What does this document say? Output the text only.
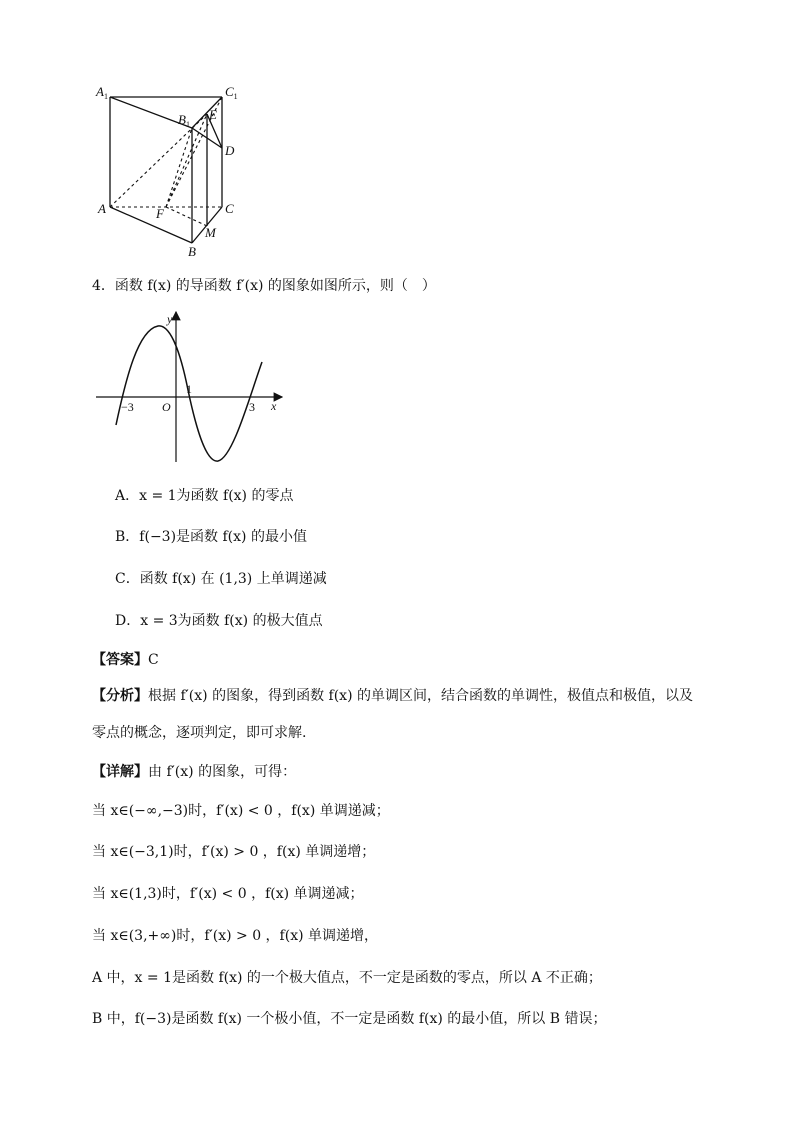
$A_1$	$C_1$
$B_1$
E
D
A	F	C
M
B
4．函数 f(x) 的导函数 f′(x) 的图象如图所示，则（　）
y
x
O
−3
1
3
A．x = 1为函数 f(x) 的零点
B．f(−3)是函数 f(x) 的最小值
C．函数 f(x) 在 (1,3) 上单调递减
D．x = 3为函数 f(x) 的极大值点
【答案】C
【分析】根据 f′(x) 的图象，得到函数 f(x) 的单调区间，结合函数的单调性，极值点和极值，以及
零点的概念，逐项判定，即可求解.
【详解】由 f′(x) 的图象，可得：
当 x∈(−∞,−3)时，f′(x) < 0 ，f(x) 单调递减；
当 x∈(−3,1)时，f′(x) > 0 ，f(x) 单调递增；
当 x∈(1,3)时，f′(x) < 0 ，f(x) 单调递减；
当 x∈(3,+∞)时，f′(x) > 0 ，f(x) 单调递增，
A 中，x = 1是函数 f(x) 的一个极大值点，不一定是函数的零点，所以 A 不正确；
B 中，f(−3)是函数 f(x) 一个极小值，不一定是函数 f(x) 的最小值，所以 B 错误；
